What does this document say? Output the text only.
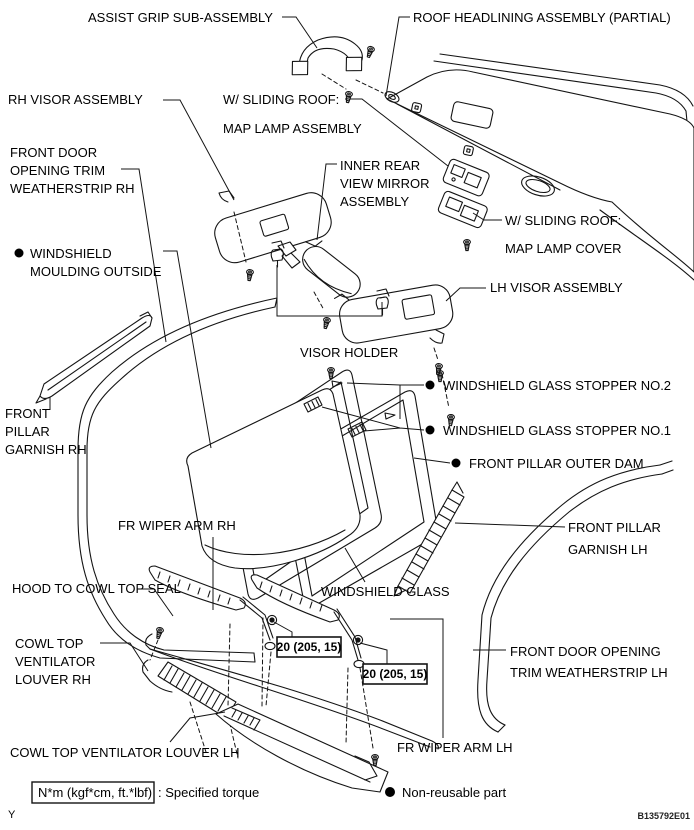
ASSIST GRIP SUB-ASSEMBLY	ROOF HEADLINING ASSEMBLY (PARTIAL)
RH VISOR ASSEMBLY	W/ SLIDING ROOF:
MAP LAMP ASSEMBLY
FRONT DOOR
OPENING TRIM
WEATHERSTRIP RH
INNER REAR
VIEW MIRROR
ASSEMBLY
W/ SLIDING ROOF:
MAP LAMP COVER
WINDSHIELD
MOULDING OUTSIDE
LH VISOR ASSEMBLY
VISOR HOLDER
WINDSHIELD GLASS STOPPER NO.2
WINDSHIELD GLASS STOPPER NO.1
FRONT PILLAR OUTER DAM
FRONT
PILLAR
GARNISH RH
FR WIPER ARM RH	FRONT PILLAR
GARNISH LH
HOOD TO COWL TOP SEAL	WINDSHIELD GLASS
COWL TOP
VENTILATOR
LOUVER RH
FRONT DOOR OPENING
TRIM WEATHERSTRIP LH
COWL TOP VENTILATOR LOUVER LH	FR WIPER ARM LH
20 (205, 15)
20 (205, 15)
N*m (kgf*cm, ft.*lbf) : Specified torque	Non-reusable part
Y	B135792E01
